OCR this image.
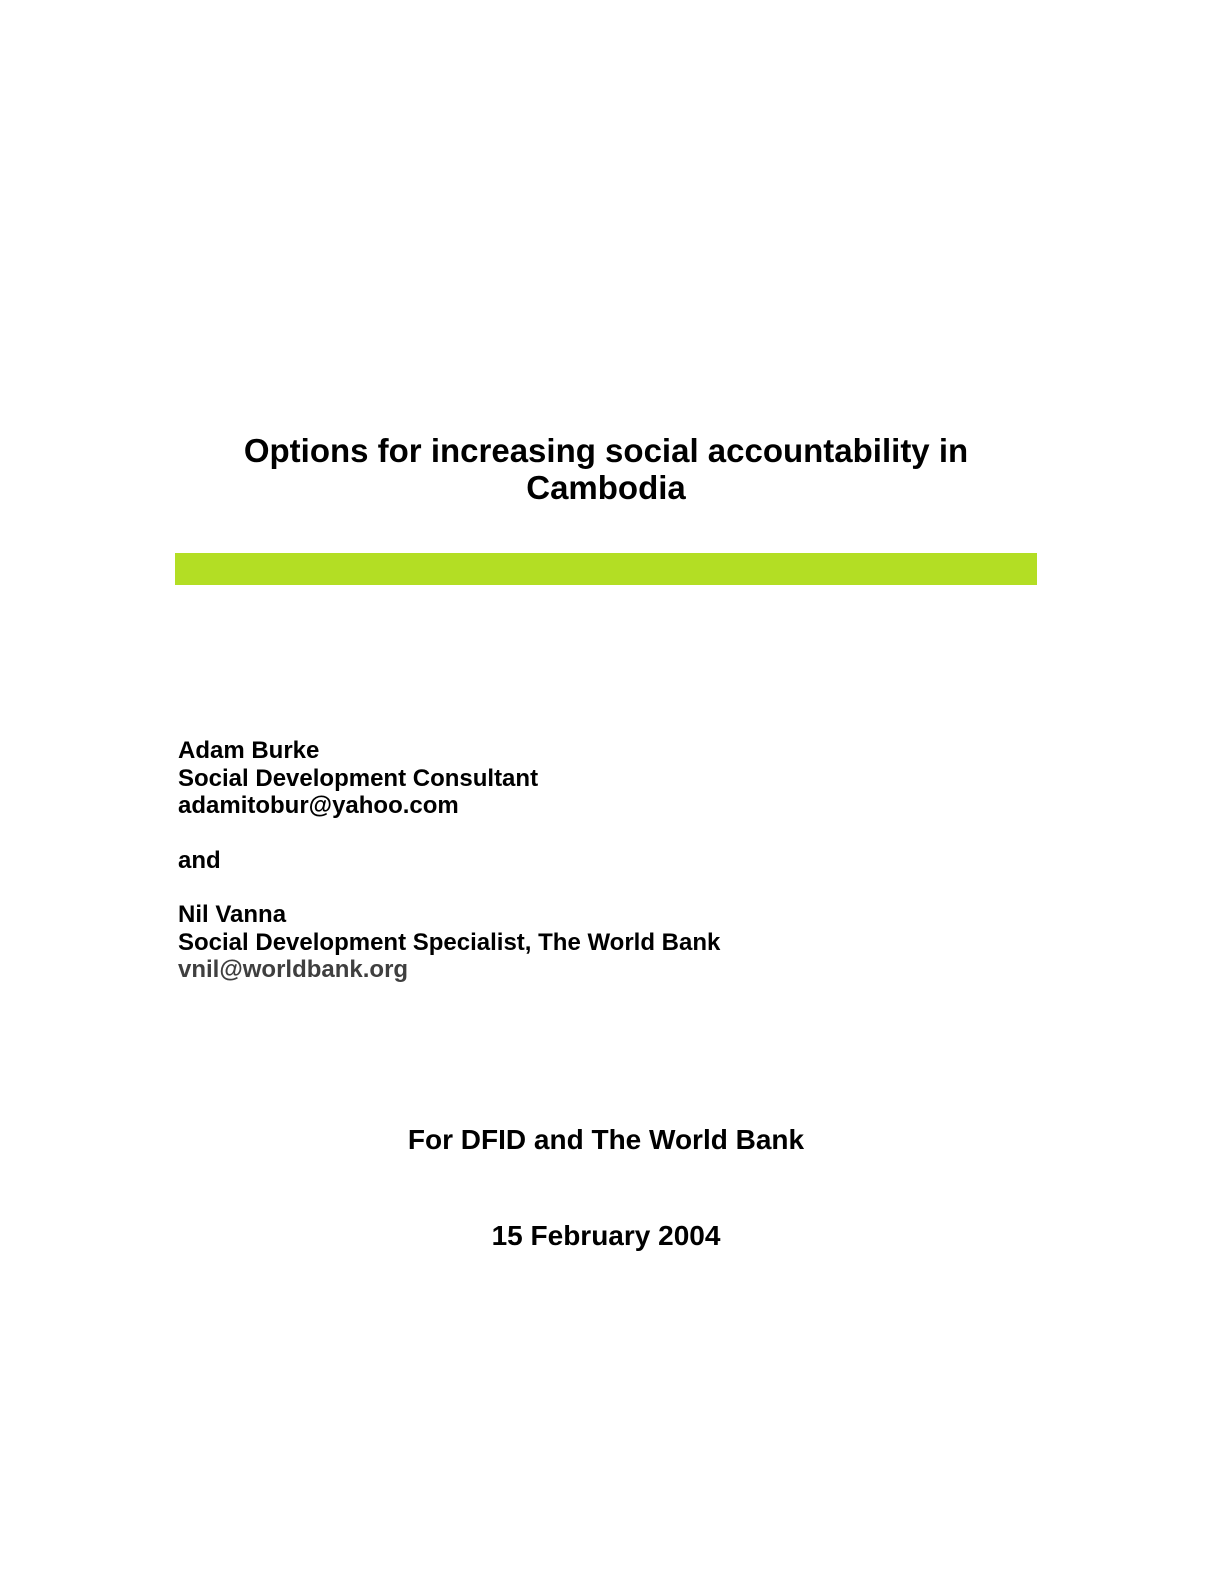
Options for increasing social accountability in
Cambodia
Adam Burke
Social Development Consultant
adamitobur@yahoo.com
and
Nil Vanna
Social Development Specialist, The World Bank
vnil@worldbank.org
For DFID and The World Bank
15 February 2004
